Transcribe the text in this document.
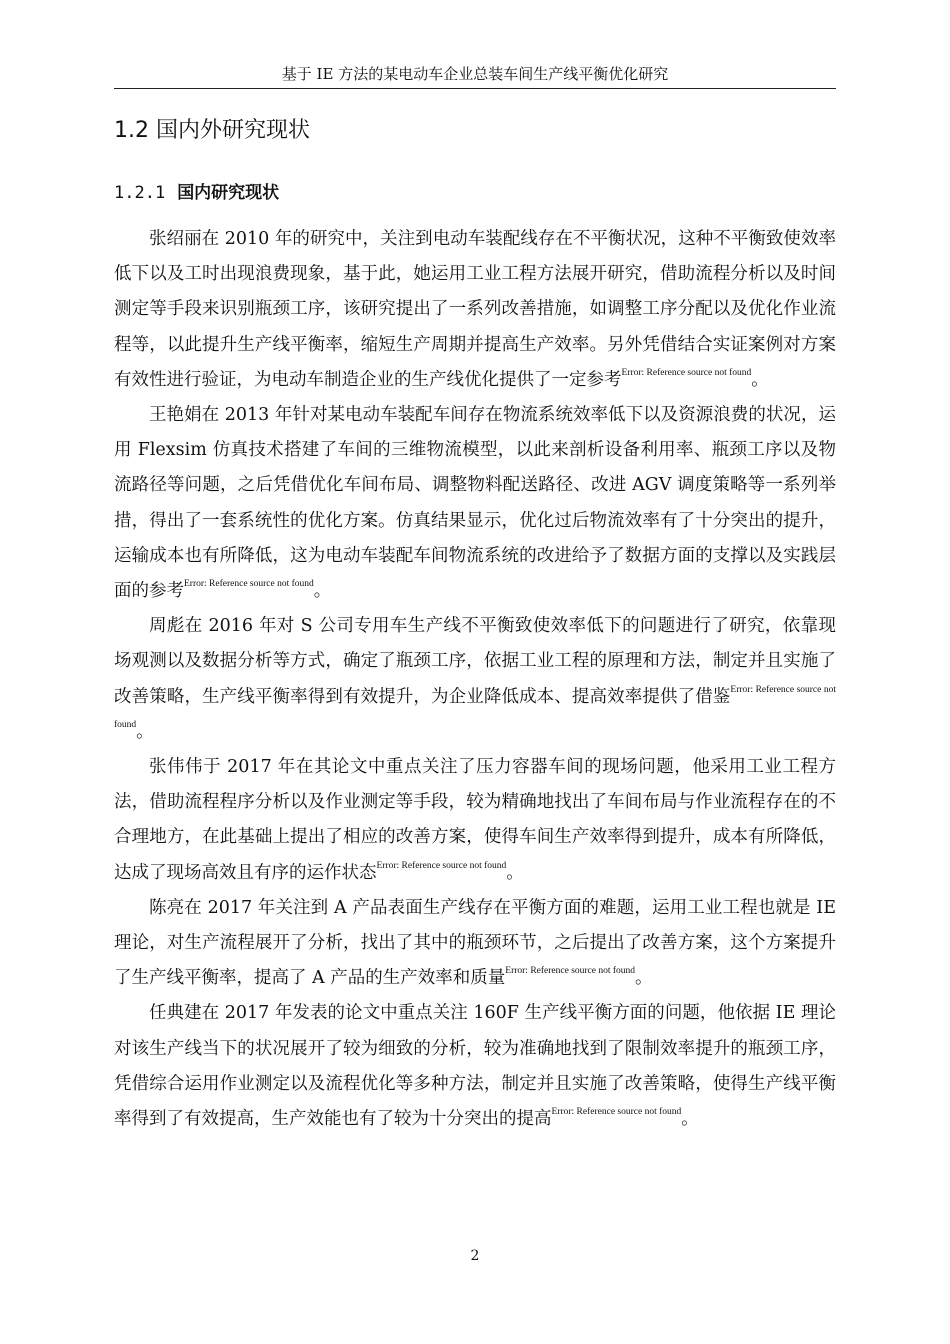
基于 IE 方法的某电动车企业总装车间生产线平衡优化研究
1.2 国内外研究现状
1.2.1 国内研究现状

张绍丽在 2010 年的研究中，关注到电动车装配线存在不平衡状况，这种不平衡致使效率低下以及工时出现浪费现象，基于此，她运用工业工程方法展开研究，借助流程分析以及时间测定等手段来识别瓶颈工序，该研究提出了一系列改善措施，如调整工序分配以及优化作业流程等，以此提升生产线平衡率，缩短生产周期并提高生产效率。另外凭借结合实证案例对方案有效性进行验证，为电动车制造企业的生产线优化提供了一定参考$^{Error: Reference source not found}$。

王艳娟在 2013 年针对某电动车装配车间存在物流系统效率低下以及资源浪费的状况，运用 Flexsim 仿真技术搭建了车间的三维物流模型，以此来剖析设备利用率、瓶颈工序以及物流路径等问题，之后凭借优化车间布局、调整物料配送路径、改进 AGV 调度策略等一系列举措，得出了一套系统性的优化方案。仿真结果显示，优化过后物流效率有了十分突出的提升，运输成本也有所降低，这为电动车装配车间物流系统的改进给予了数据方面的支撑以及实践层面的参考$^{Error: Reference source not found}$。

周彪在 2016 年对 S 公司专用车生产线不平衡致使效率低下的问题进行了研究，依靠现场观测以及数据分析等方式，确定了瓶颈工序，依据工业工程的原理和方法，制定并且实施了改善策略，生产线平衡率得到有效提升，为企业降低成本、提高效率提供了借鉴$^{Error: Reference source not found}$。

张伟伟于 2017 年在其论文中重点关注了压力容器车间的现场问题，他采用工业工程方法，借助流程程序分析以及作业测定等手段，较为精确地找出了车间布局与作业流程存在的不合理地方，在此基础上提出了相应的改善方案，使得车间生产效率得到提升，成本有所降低，达成了现场高效且有序的运作状态$^{Error: Reference source not found}$。

陈亮在 2017 年关注到 A 产品表面生产线存在平衡方面的难题，运用工业工程也就是 IE 理论，对生产流程展开了分析，找出了其中的瓶颈环节，之后提出了改善方案，这个方案提升了生产线平衡率，提高了 A 产品的生产效率和质量$^{Error: Reference source not found}$。

任典建在 2017 年发表的论文中重点关注 160F 生产线平衡方面的问题，他依据 IE 理论对该生产线当下的状况展开了较为细致的分析，较为准确地找到了限制效率提升的瓶颈工序，凭借综合运用作业测定以及流程优化等多种方法，制定并且实施了改善策略，使得生产线平衡率得到了有效提高，生产效能也有了较为十分突出的提高$^{Error: Reference source not found}$。

2
